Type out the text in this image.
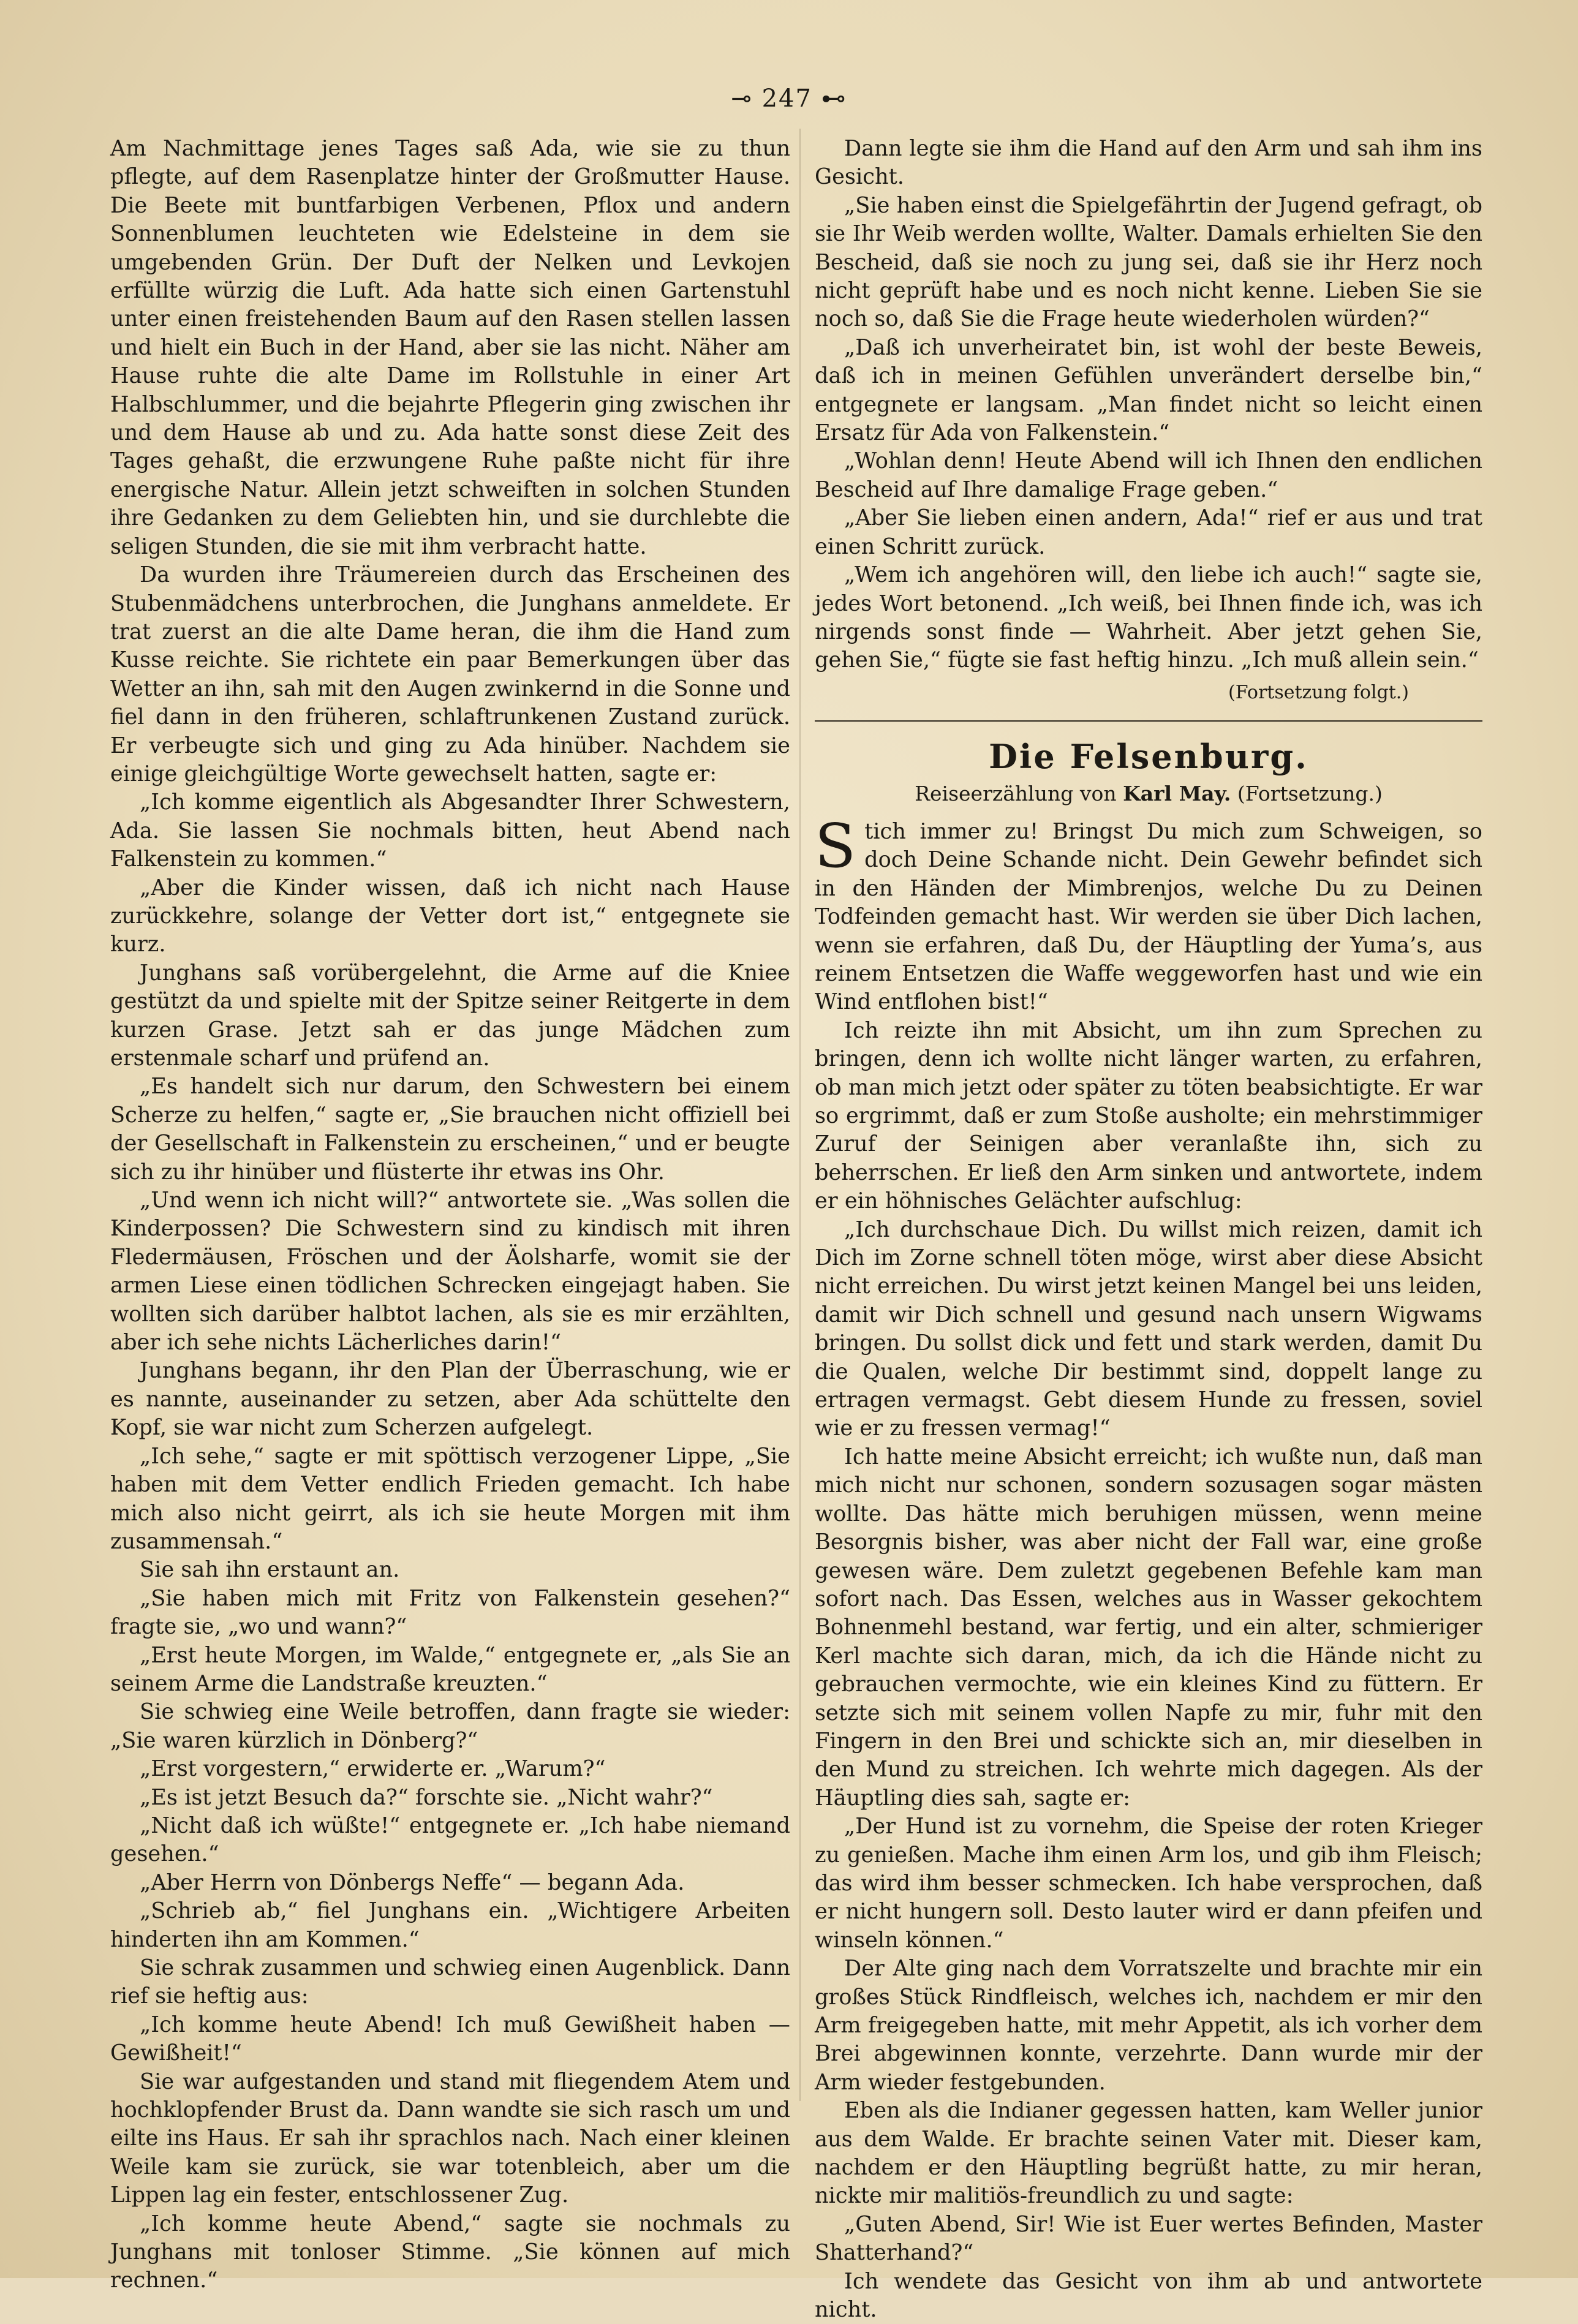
⊸ 247 ⊷

Am Nachmittage jenes Tages saß Ada, wie sie zu thun pflegte, auf dem Rasenplatze hinter der Großmutter Hause. Die Beete mit buntfarbigen Verbenen, Pflox und andern Sonnenblumen leuchteten wie Edelsteine in dem sie umgebenden Grün. Der Duft der Nelken und Levkojen erfüllte würzig die Luft. Ada hatte sich einen Gartenstuhl unter einen freistehenden Baum auf den Rasen stellen lassen und hielt ein Buch in der Hand, aber sie las nicht. Näher am Hause ruhte die alte Dame im Rollstuhle in einer Art Halbschlummer, und die bejahrte Pflegerin ging zwischen ihr und dem Hause ab und zu. Ada hatte sonst diese Zeit des Tages gehaßt, die erzwungene Ruhe paßte nicht für ihre energische Natur. Allein jetzt schweiften in solchen Stunden ihre Gedanken zu dem Geliebten hin, und sie durchlebte die seligen Stunden, die sie mit ihm verbracht hatte.

Da wurden ihre Träumereien durch das Erscheinen des Stubenmädchens unterbrochen, die Junghans anmeldete. Er trat zuerst an die alte Dame heran, die ihm die Hand zum Kusse reichte. Sie richtete ein paar Bemerkungen über das Wetter an ihn, sah mit den Augen zwinkernd in die Sonne und fiel dann in den früheren, schlaftrunkenen Zustand zurück. Er verbeugte sich und ging zu Ada hinüber. Nachdem sie einige gleichgültige Worte gewechselt hatten, sagte er:

„Ich komme eigentlich als Abgesandter Ihrer Schwestern, Ada. Sie lassen Sie nochmals bitten, heut Abend nach Falkenstein zu kommen.“

„Aber die Kinder wissen, daß ich nicht nach Hause zurückkehre, solange der Vetter dort ist,“ entgegnete sie kurz.

Junghans saß vorübergelehnt, die Arme auf die Kniee gestützt da und spielte mit der Spitze seiner Reitgerte in dem kurzen Grase. Jetzt sah er das junge Mädchen zum erstenmale scharf und prüfend an.

„Es handelt sich nur darum, den Schwestern bei einem Scherze zu helfen,“ sagte er, „Sie brauchen nicht offiziell bei der Gesellschaft in Falkenstein zu erscheinen,“ und er beugte sich zu ihr hinüber und flüsterte ihr etwas ins Ohr.

„Und wenn ich nicht will?“ antwortete sie. „Was sollen die Kinderpossen? Die Schwestern sind zu kindisch mit ihren Fledermäusen, Fröschen und der Äolsharfe, womit sie der armen Liese einen tödlichen Schrecken eingejagt haben. Sie wollten sich darüber halbtot lachen, als sie es mir erzählten, aber ich sehe nichts Lächerliches darin!“

Junghans begann, ihr den Plan der Überraschung, wie er es nannte, auseinander zu setzen, aber Ada schüttelte den Kopf, sie war nicht zum Scherzen aufgelegt.

„Ich sehe,“ sagte er mit spöttisch verzogener Lippe, „Sie haben mit dem Vetter endlich Frieden gemacht. Ich habe mich also nicht geirrt, als ich sie heute Morgen mit ihm zusammensah.“

Sie sah ihn erstaunt an.

„Sie haben mich mit Fritz von Falkenstein gesehen?“ fragte sie, „wo und wann?“

„Erst heute Morgen, im Walde,“ entgegnete er, „als Sie an seinem Arme die Landstraße kreuzten.“

Sie schwieg eine Weile betroffen, dann fragte sie wieder: „Sie waren kürzlich in Dönberg?“

„Erst vorgestern,“ erwiderte er. „Warum?“

„Es ist jetzt Besuch da?“ forschte sie. „Nicht wahr?“

„Nicht daß ich wüßte!“ entgegnete er. „Ich habe niemand gesehen.“

„Aber Herrn von Dönbergs Neffe“ — begann Ada.

„Schrieb ab,“ fiel Junghans ein. „Wichtigere Arbeiten hinderten ihn am Kommen.“

Sie schrak zusammen und schwieg einen Augenblick. Dann rief sie heftig aus:

„Ich komme heute Abend! Ich muß Gewißheit haben — Gewißheit!“

Sie war aufgestanden und stand mit fliegendem Atem und hochklopfender Brust da. Dann wandte sie sich rasch um und eilte ins Haus. Er sah ihr sprachlos nach. Nach einer kleinen Weile kam sie zurück, sie war totenbleich, aber um die Lippen lag ein fester, entschlossener Zug.

„Ich komme heute Abend,“ sagte sie nochmals zu Junghans mit tonloser Stimme. „Sie können auf mich rechnen.“

Dann legte sie ihm die Hand auf den Arm und sah ihm ins Gesicht.

„Sie haben einst die Spielgefährtin der Jugend gefragt, ob sie Ihr Weib werden wollte, Walter. Damals erhielten Sie den Bescheid, daß sie noch zu jung sei, daß sie ihr Herz noch nicht geprüft habe und es noch nicht kenne. Lieben Sie sie noch so, daß Sie die Frage heute wiederholen würden?“

„Daß ich unverheiratet bin, ist wohl der beste Beweis, daß ich in meinen Gefühlen unverändert derselbe bin,“ entgegnete er langsam. „Man findet nicht so leicht einen Ersatz für Ada von Falkenstein.“

„Wohlan denn! Heute Abend will ich Ihnen den endlichen Bescheid auf Ihre damalige Frage geben.“

„Aber Sie lieben einen andern, Ada!“ rief er aus und trat einen Schritt zurück.

„Wem ich angehören will, den liebe ich auch!“ sagte sie, jedes Wort betonend. „Ich weiß, bei Ihnen finde ich, was ich nirgends sonst finde — Wahrheit. Aber jetzt gehen Sie, gehen Sie,“ fügte sie fast heftig hinzu. „Ich muß allein sein.“

(Fortsetzung folgt.)

Die Felsenburg.
Reiseerzählung von Karl May. (Fortsetzung.)

Stich immer zu! Bringst Du mich zum Schweigen, so doch Deine Schande nicht. Dein Gewehr befindet sich in den Händen der Mimbrenjos, welche Du zu Deinen Todfeinden gemacht hast. Wir werden sie über Dich lachen, wenn sie erfahren, daß Du, der Häuptling der Yuma’s, aus reinem Entsetzen die Waffe weggeworfen hast und wie ein Wind entflohen bist!“

Ich reizte ihn mit Absicht, um ihn zum Sprechen zu bringen, denn ich wollte nicht länger warten, zu erfahren, ob man mich jetzt oder später zu töten beabsichtigte. Er war so ergrimmt, daß er zum Stoße ausholte; ein mehrstimmiger Zuruf der Seinigen aber veranlaßte ihn, sich zu beherrschen. Er ließ den Arm sinken und antwortete, indem er ein höhnisches Gelächter aufschlug:

„Ich durchschaue Dich. Du willst mich reizen, damit ich Dich im Zorne schnell töten möge, wirst aber diese Absicht nicht erreichen. Du wirst jetzt keinen Mangel bei uns leiden, damit wir Dich schnell und gesund nach unsern Wigwams bringen. Du sollst dick und fett und stark werden, damit Du die Qualen, welche Dir bestimmt sind, doppelt lange zu ertragen vermagst. Gebt diesem Hunde zu fressen, soviel wie er zu fressen vermag!“

Ich hatte meine Absicht erreicht; ich wußte nun, daß man mich nicht nur schonen, sondern sozusagen sogar mästen wollte. Das hätte mich beruhigen müssen, wenn meine Besorgnis bisher, was aber nicht der Fall war, eine große gewesen wäre. Dem zuletzt gegebenen Befehle kam man sofort nach. Das Essen, welches aus in Wasser gekochtem Bohnenmehl bestand, war fertig, und ein alter, schmieriger Kerl machte sich daran, mich, da ich die Hände nicht zu gebrauchen vermochte, wie ein kleines Kind zu füttern. Er setzte sich mit seinem vollen Napfe zu mir, fuhr mit den Fingern in den Brei und schickte sich an, mir dieselben in den Mund zu streichen. Ich wehrte mich dagegen. Als der Häuptling dies sah, sagte er:

„Der Hund ist zu vornehm, die Speise der roten Krieger zu genießen. Mache ihm einen Arm los, und gib ihm Fleisch; das wird ihm besser schmecken. Ich habe versprochen, daß er nicht hungern soll. Desto lauter wird er dann pfeifen und winseln können.“

Der Alte ging nach dem Vorratszelte und brachte mir ein großes Stück Rindfleisch, welches ich, nachdem er mir den Arm freigegeben hatte, mit mehr Appetit, als ich vorher dem Brei abgewinnen konnte, verzehrte. Dann wurde mir der Arm wieder festgebunden.

Eben als die Indianer gegessen hatten, kam Weller junior aus dem Walde. Er brachte seinen Vater mit. Dieser kam, nachdem er den Häuptling begrüßt hatte, zu mir heran, nickte mir malitiös-freundlich zu und sagte:

„Guten Abend, Sir! Wie ist Euer wertes Befinden, Master Shatterhand?“

Ich wendete das Gesicht von ihm ab und antwortete nicht.
